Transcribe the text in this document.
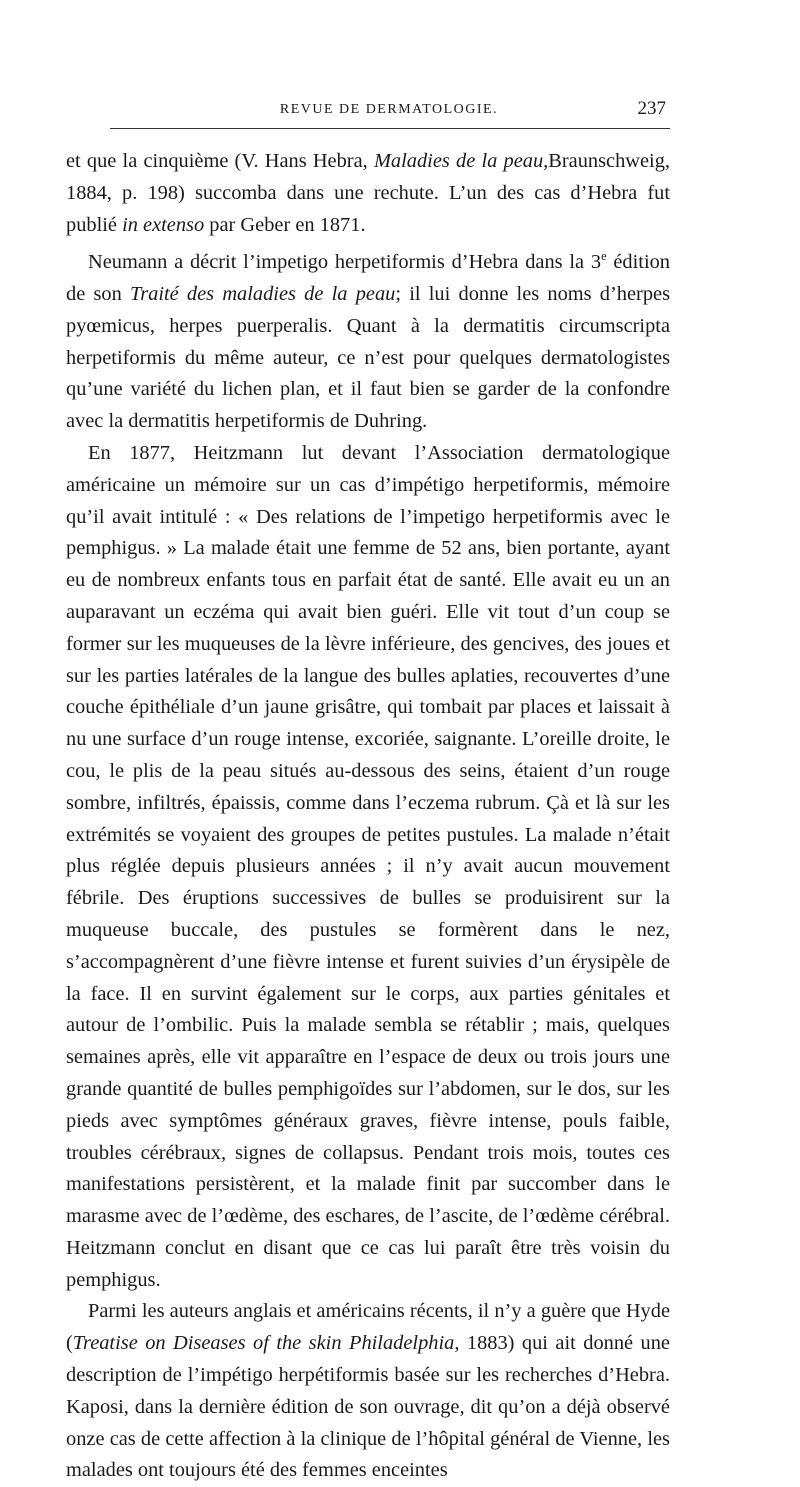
REVUE DE DERMATOLOGIE.	237

et que la cinquième (V. Hans Hebra, Maladies de la peau,Braunschweig, 1884, p. 198) succomba dans une rechute. L’un des cas d’Hebra fut publié in extenso par Geber en 1871.

Neumann a décrit l’impetigo herpetiformis d’Hebra dans la 3e édition de son Traité des maladies de la peau; il lui donne les noms d’herpes pyœmicus, herpes puerperalis. Quant à la dermatitis circumscripta herpetiformis du même auteur, ce n’est pour quelques dermatologistes qu’une variété du lichen plan, et il faut bien se garder de la confondre avec la dermatitis herpetiformis de Duhring.

En 1877, Heitzmann lut devant l’Association dermatologique américaine un mémoire sur un cas d’impétigo herpetiformis, mémoire qu’il avait intitulé : « Des relations de l’impetigo herpetiformis avec le pemphigus. » La malade était une femme de 52 ans, bien portante, ayant eu de nombreux enfants tous en parfait état de santé. Elle avait eu un an auparavant un eczéma qui avait bien guéri. Elle vit tout d’un coup se former sur les muqueuses de la lèvre inférieure, des gencives, des joues et sur les parties latérales de la langue des bulles aplaties, recouvertes d’une couche épithéliale d’un jaune grisâtre, qui tombait par places et laissait à nu une surface d’un rouge intense, excoriée, saignante. L’oreille droite, le cou, le plis de la peau situés au-dessous des seins, étaient d’un rouge sombre, infiltrés, épaissis, comme dans l’eczema rubrum. Çà et là sur les extrémités se voyaient des groupes de petites pustules. La malade n’était plus réglée depuis plusieurs années ; il n’y avait aucun mouvement fébrile. Des éruptions successives de bulles se produisirent sur la muqueuse buccale, des pustules se formèrent dans le nez, s’accompagnèrent d’une fièvre intense et furent suivies d’un érysipèle de la face. Il en survint également sur le corps, aux parties génitales et autour de l’ombilic. Puis la malade sembla se rétablir ; mais, quelques semaines après, elle vit apparaître en l’espace de deux ou trois jours une grande quantité de bulles pemphigoïdes sur l’abdomen, sur le dos, sur les pieds avec symptômes généraux graves, fièvre intense, pouls faible, troubles cérébraux, signes de collapsus. Pendant trois mois, toutes ces manifestations persistèrent, et la malade finit par succomber dans le marasme avec de l’œdème, des eschares, de l’ascite, de l’œdème cérébral. Heitzmann conclut en disant que ce cas lui paraît être très voisin du pemphigus.

Parmi les auteurs anglais et américains récents, il n’y a guère que Hyde (Treatise on Diseases of the skin Philadelphia, 1883) qui ait donné une description de l’impétigo herpétiformis basée sur les recherches d’Hebra. Kaposi, dans la dernière édition de son ouvrage, dit qu’on a déjà observé onze cas de cette affection à la clinique de l’hôpital général de Vienne, les malades ont toujours été des femmes enceintes
